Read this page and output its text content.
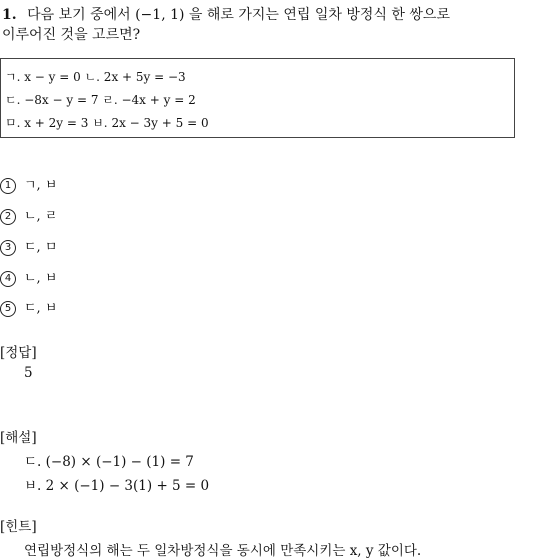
1. 다음 보기 중에서 (−1, 1) 을 해로 가지는 연립 일차 방정식 한 쌍으로
이루어진 것을 고르면?
ㄱ. x − y = 0 ㄴ. 2x + 5y = −3
ㄷ. −8x − y = 7 ㄹ. −4x + y = 2
ㅁ. x + 2y = 3 ㅂ. 2x − 3y + 5 = 0
1 ㄱ, ㅂ
2 ㄴ, ㄹ
3 ㄷ, ㅁ
4 ㄴ, ㅂ
5 ㄷ, ㅂ
[정답]
5
[해설]
ㄷ. (−8) × (−1) − (1) = 7
ㅂ. 2 × (−1) − 3(1) + 5 = 0
[힌트]
연립방정식의 해는 두 일차방정식을 동시에 만족시키는 x, y 값이다.
